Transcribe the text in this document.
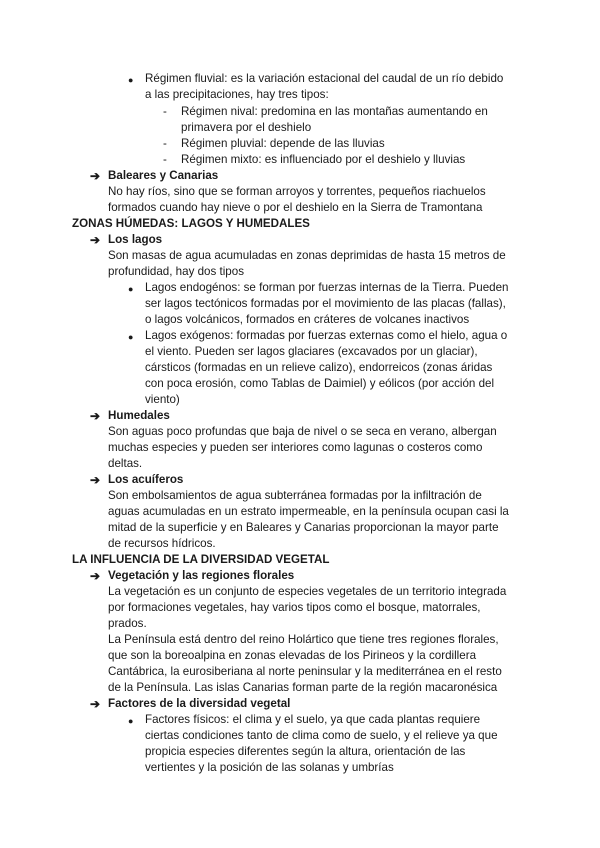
● Régimen fluvial: es la variación estacional del caudal de un río debido
a las precipitaciones, hay tres tipos:
- Régimen nival: predomina en las montañas aumentando en
primavera por el deshielo
- Régimen pluvial: depende de las lluvias
- Régimen mixto: es influenciado por el deshielo y lluvias
➔ Baleares y Canarias
No hay ríos, sino que se forman arroyos y torrentes, pequeños riachuelos
formados cuando hay nieve o por el deshielo en la Sierra de Tramontana
ZONAS HÚMEDAS: LAGOS Y HUMEDALES
➔ Los lagos
Son masas de agua acumuladas en zonas deprimidas de hasta 15 metros de
profundidad, hay dos tipos
● Lagos endogénos: se forman por fuerzas internas de la Tierra. Pueden
ser lagos tectónicos formadas por el movimiento de las placas (fallas),
o lagos volcánicos, formados en cráteres de volcanes inactivos
● Lagos exógenos: formadas por fuerzas externas como el hielo, agua o
el viento. Pueden ser lagos glaciares (excavados por un glaciar),
cársticos (formadas en un relieve calizo), endorreicos (zonas áridas
con poca erosión, como Tablas de Daimiel) y eólicos (por acción del
viento)
➔ Humedales
Son aguas poco profundas que baja de nivel o se seca en verano, albergan
muchas especies y pueden ser interiores como lagunas o costeros como
deltas.
➔ Los acuíferos
Son embolsamientos de agua subterránea formadas por la infiltración de
aguas acumuladas en un estrato impermeable, en la península ocupan casi la
mitad de la superficie y en Baleares y Canarias proporcionan la mayor parte
de recursos hídricos.
LA INFLUENCIA DE LA DIVERSIDAD VEGETAL
➔ Vegetación y las regiones florales
La vegetación es un conjunto de especies vegetales de un territorio integrada
por formaciones vegetales, hay varios tipos como el bosque, matorrales,
prados.
La Península está dentro del reino Holártico que tiene tres regiones florales,
que son la boreoalpina en zonas elevadas de los Pirineos y la cordillera
Cantábrica, la eurosiberiana al norte peninsular y la mediterránea en el resto
de la Península. Las islas Canarias forman parte de la región macaronésica
➔ Factores de la diversidad vegetal
● Factores físicos: el clima y el suelo, ya que cada plantas requiere
ciertas condiciones tanto de clima como de suelo, y el relieve ya que
propicia especies diferentes según la altura, orientación de las
vertientes y la posición de las solanas y umbrías
